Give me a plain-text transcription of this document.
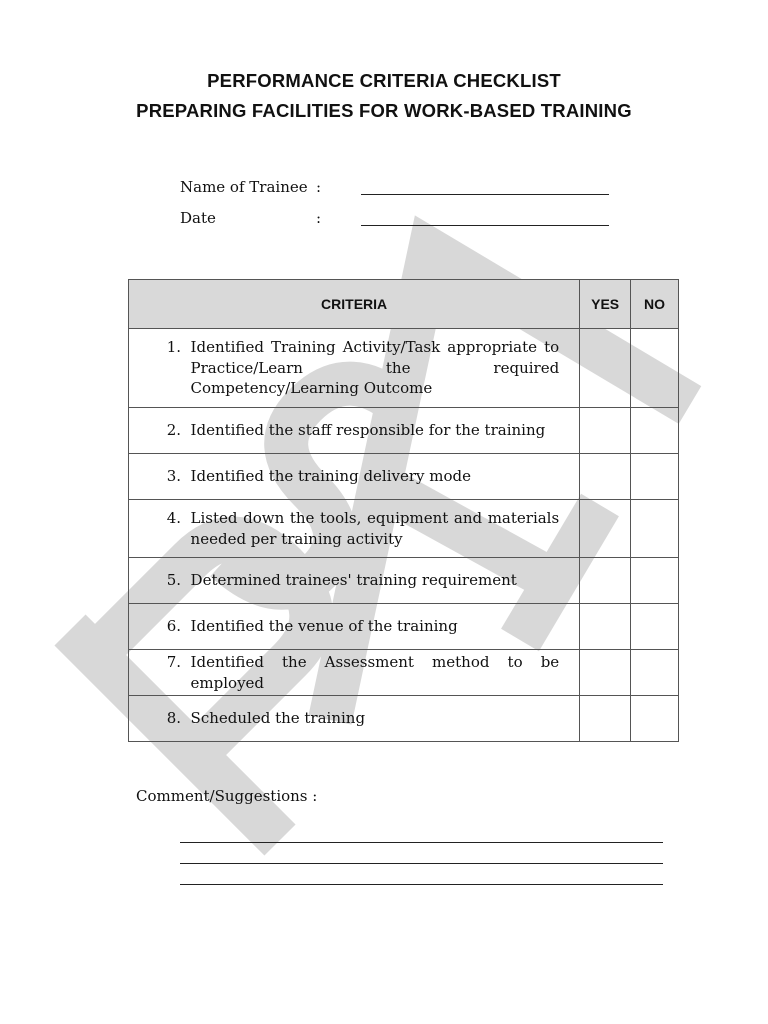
PERFORMANCE CRITERIA CHECKLIST
PREPARING FACILITIES FOR WORK-BASED TRAINING
Name of Trainee :
Date	:
CRITERIA	YES	NO

1.
Identified Training Activity/Task appropriate to Practice/Learn the required Competency/Learning Outcome		

2.
Identified the staff responsible for the training		

3.
Identified the training delivery mode		

4.
Listed down the tools, equipment and materials needed per training activity		

5.
Determined trainees' training requirement		

6.
Identified the venue of the training		

7.
Identified the Assessment method to be employed		

8.
Scheduled the training		

Comment/Suggestions :
